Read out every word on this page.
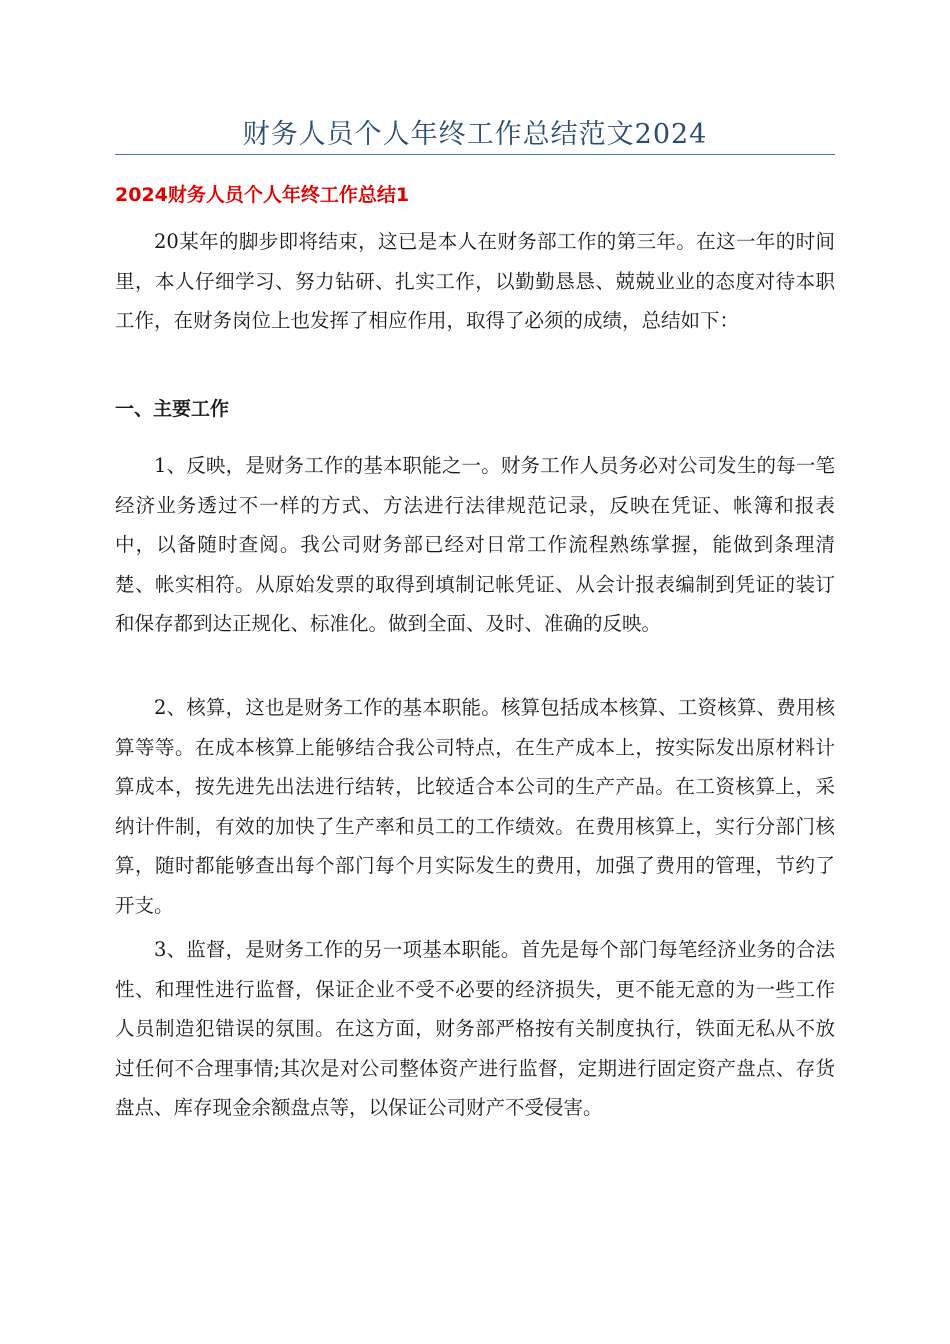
财务人员个人年终工作总结范文2024
2024财务人员个人年终工作总结1

20某年的脚步即将结束，这已是本人在财务部工作的第三年。在这一年的时间里，本人仔细学习、努力钻研、扎实工作，以勤勤恳恳、兢兢业业的态度对待本职工作，在财务岗位上也发挥了相应作用，取得了必须的成绩，总结如下：

一、主要工作

1、反映，是财务工作的基本职能之一。财务工作人员务必对公司发生的每一笔经济业务透过不一样的方式、方法进行法律规范记录，反映在凭证、帐簿和报表中，以备随时查阅。我公司财务部已经对日常工作流程熟练掌握，能做到条理清楚、帐实相符。从原始发票的取得到填制记帐凭证、从会计报表编制到凭证的装订和保存都到达正规化、标准化。做到全面、及时、准确的反映。

2、核算，这也是财务工作的基本职能。核算包括成本核算、工资核算、费用核算等等。在成本核算上能够结合我公司特点，在生产成本上，按实际发出原材料计算成本，按先进先出法进行结转，比较适合本公司的生产产品。在工资核算上，采纳计件制，有效的加快了生产率和员工的工作绩效。在费用核算上，实行分部门核算，随时都能够查出每个部门每个月实际发生的费用，加强了费用的管理，节约了开支。

3、监督，是财务工作的另一项基本职能。首先是每个部门每笔经济业务的合法性、和理性进行监督，保证企业不受不必要的经济损失，更不能无意的为一些工作人员制造犯错误的氛围。在这方面，财务部严格按有关制度执行，铁面无私从不放过任何不合理事情;其次是对公司整体资产进行监督，定期进行固定资产盘点、存货盘点、库存现金余额盘点等，以保证公司财产不受侵害。
